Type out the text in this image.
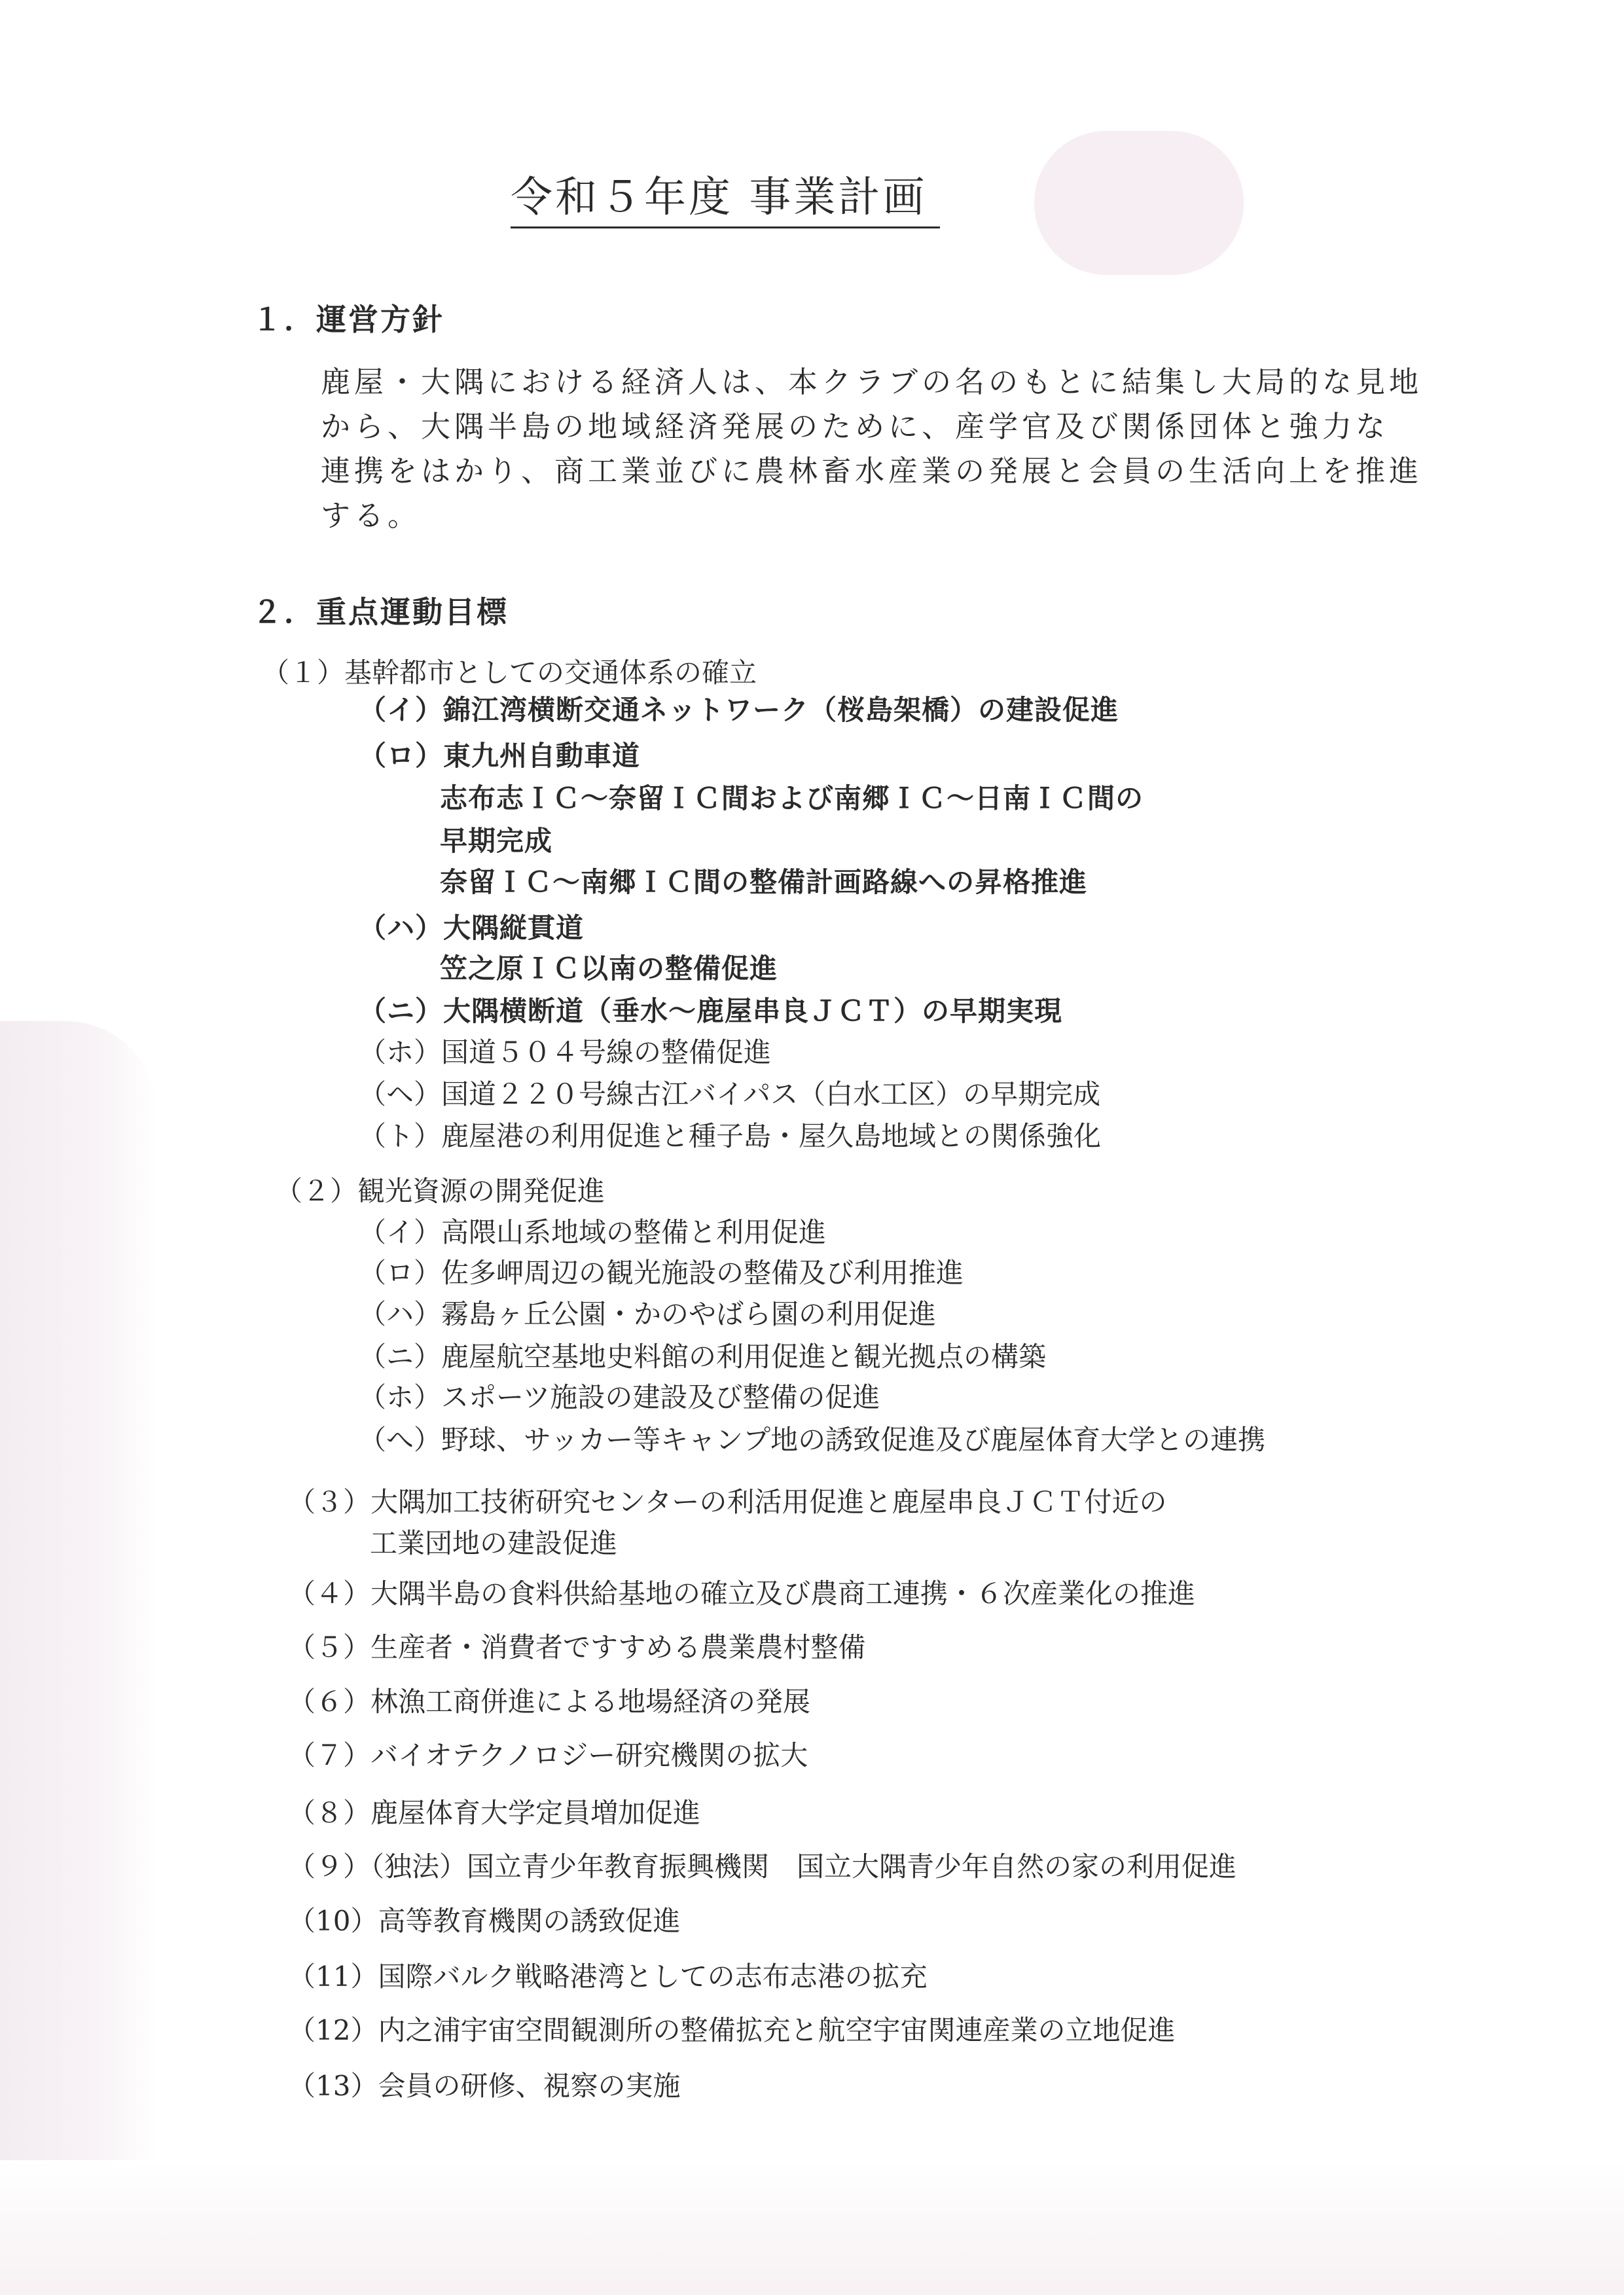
令和５年度 事業計画
１．運営方針
鹿屋・大隅における経済人は、本クラブの名のもとに結集し大局的な見地
から、大隅半島の地域経済発展のために、産学官及び関係団体と強力な
連携をはかり、商工業並びに農林畜水産業の発展と会員の生活向上を推進
する。
２．重点運動目標
（１）基幹都市としての交通体系の確立
（イ）錦江湾横断交通ネットワーク（桜島架橋）の建設促進
（ロ）東九州自動車道
志布志ＩＣ～奈留ＩＣ間および南郷ＩＣ～日南ＩＣ間の
早期完成
奈留ＩＣ～南郷ＩＣ間の整備計画路線への昇格推進
（ハ）大隅縦貫道
笠之原ＩＣ以南の整備促進
（ニ）大隅横断道（垂水～鹿屋串良ＪＣＴ）の早期実現
（ホ）国道５０４号線の整備促進
（ヘ）国道２２０号線古江バイパス（白水工区）の早期完成
（ト）鹿屋港の利用促進と種子島・屋久島地域との関係強化
（２）観光資源の開発促進
（イ）高隈山系地域の整備と利用促進
（ロ）佐多岬周辺の観光施設の整備及び利用推進
（ハ）霧島ヶ丘公園・かのやばら園の利用促進
（ニ）鹿屋航空基地史料館の利用促進と観光拠点の構築
（ホ）スポーツ施設の建設及び整備の促進
（へ）野球、サッカー等キャンプ地の誘致促進及び鹿屋体育大学との連携
（３）大隅加工技術研究センターの利活用促進と鹿屋串良ＪＣＴ付近の
工業団地の建設促進
（４）大隅半島の食料供給基地の確立及び農商工連携・６次産業化の推進
（５）生産者・消費者ですすめる農業農村整備
（６）林漁工商併進による地場経済の発展
（７）バイオテクノロジー研究機関の拡大
（８）鹿屋体育大学定員増加促進
（９）（独法）国立青少年教育振興機関　国立大隅青少年自然の家の利用促進
（10）高等教育機関の誘致促進
（11）国際バルク戦略港湾としての志布志港の拡充
（12）内之浦宇宙空間観測所の整備拡充と航空宇宙関連産業の立地促進
（13）会員の研修、視察の実施
